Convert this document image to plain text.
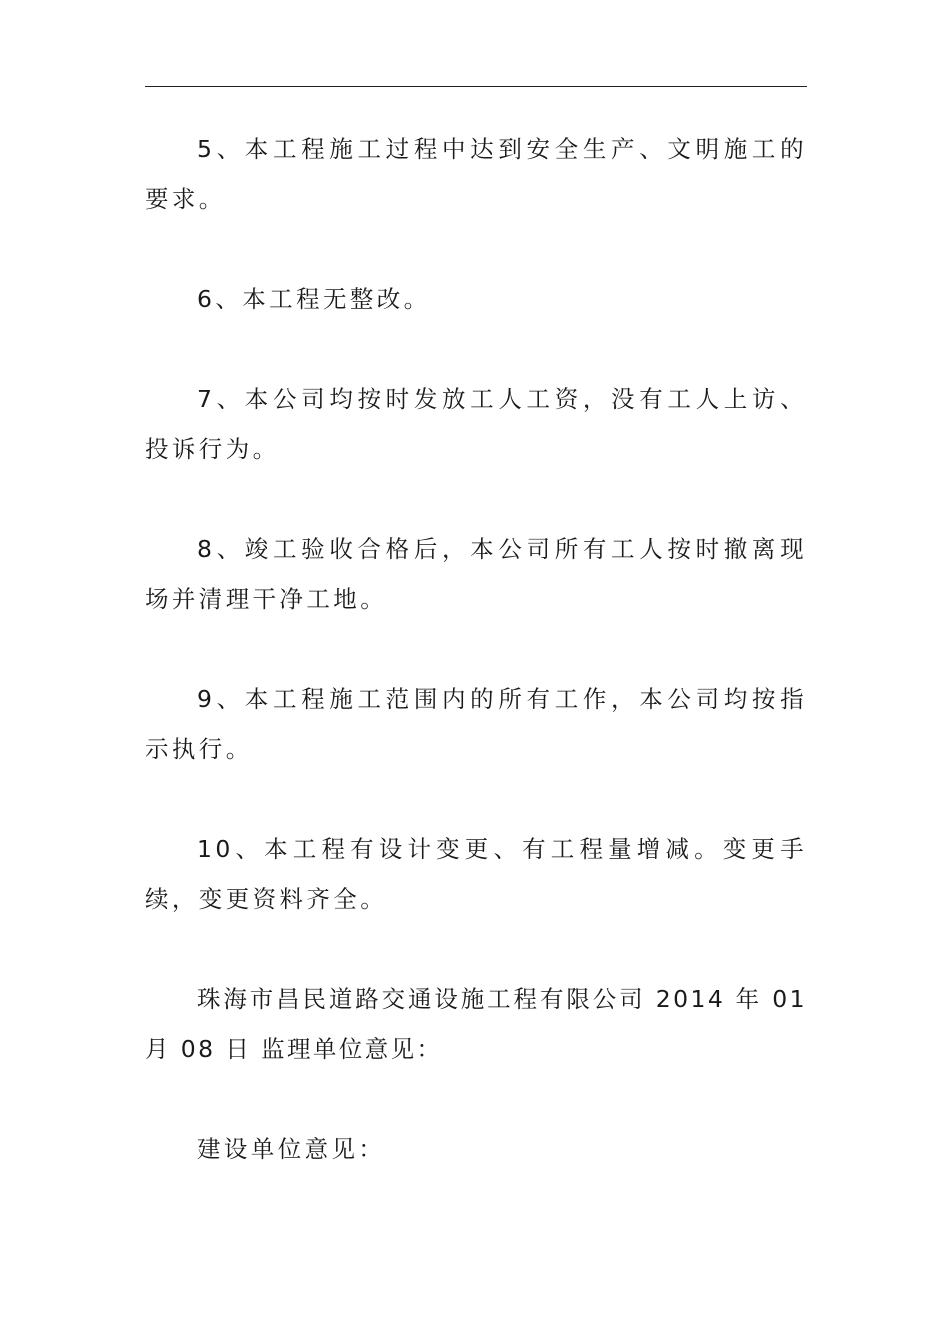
5、本工程施工过程中达到安全生产、文明施工的要求。

6、本工程无整改。

7、本公司均按时发放工人工资，没有工人上访、投诉行为。

8、竣工验收合格后，本公司所有工人按时撤离现场并清理干净工地。

9、本工程施工范围内的所有工作，本公司均按指示执行。

10、本工程有设计变更、有工程量增减。变更手续，变更资料齐全。

珠海市昌民道路交通设施工程有限公司 2014 年 01 月 08 日 监理单位意见：

建设单位意见：
